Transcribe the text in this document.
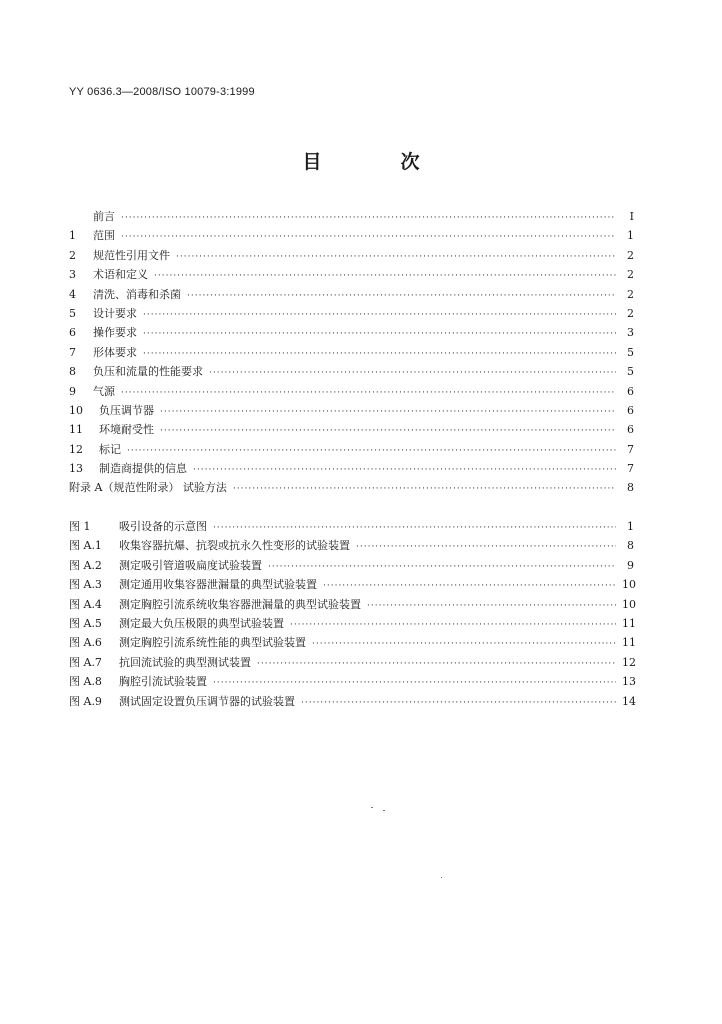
YY 0636.3—2008/ISO 10079-3:1999
目　次
前言 ·····	I
1	范围 ·····	1
2	规范性引用文件 ·····	2
3	术语和定义 ·····	2
4	清洗、消毒和杀菌 ·····	2
5	设计要求 ·····	2
6	操作要求 ·····	3
7	形体要求 ·····	5
8	负压和流量的性能要求 ·····	5
9	气源 ·····	6
10	负压调节器 ·····	6
11	环境耐受性 ·····	6
12	标记 ·····	7
13	制造商提供的信息 ·····	7
附录 A（规范性附录） 试验方法 ·····	8
图 1	吸引设备的示意图 ·····	1
图 A.1	收集容器抗爆、抗裂或抗永久性变形的试验装置 ·····	8
图 A.2	测定吸引管道吸扁度试验装置 ·····	9
图 A.3	测定通用收集容器泄漏量的典型试验装置 ·····	10
图 A.4	测定胸腔引流系统收集容器泄漏量的典型试验装置 ·····	10
图 A.5	测定最大负压极限的典型试验装置 ·····	11
图 A.6	测定胸腔引流系统性能的典型试验装置 ·····	11
图 A.7	抗回流试验的典型测试装置 ·····	12
图 A.8	胸腔引流试验装置 ·····	13
图 A.9	测试固定设置负压调节器的试验装置 ·····	14
